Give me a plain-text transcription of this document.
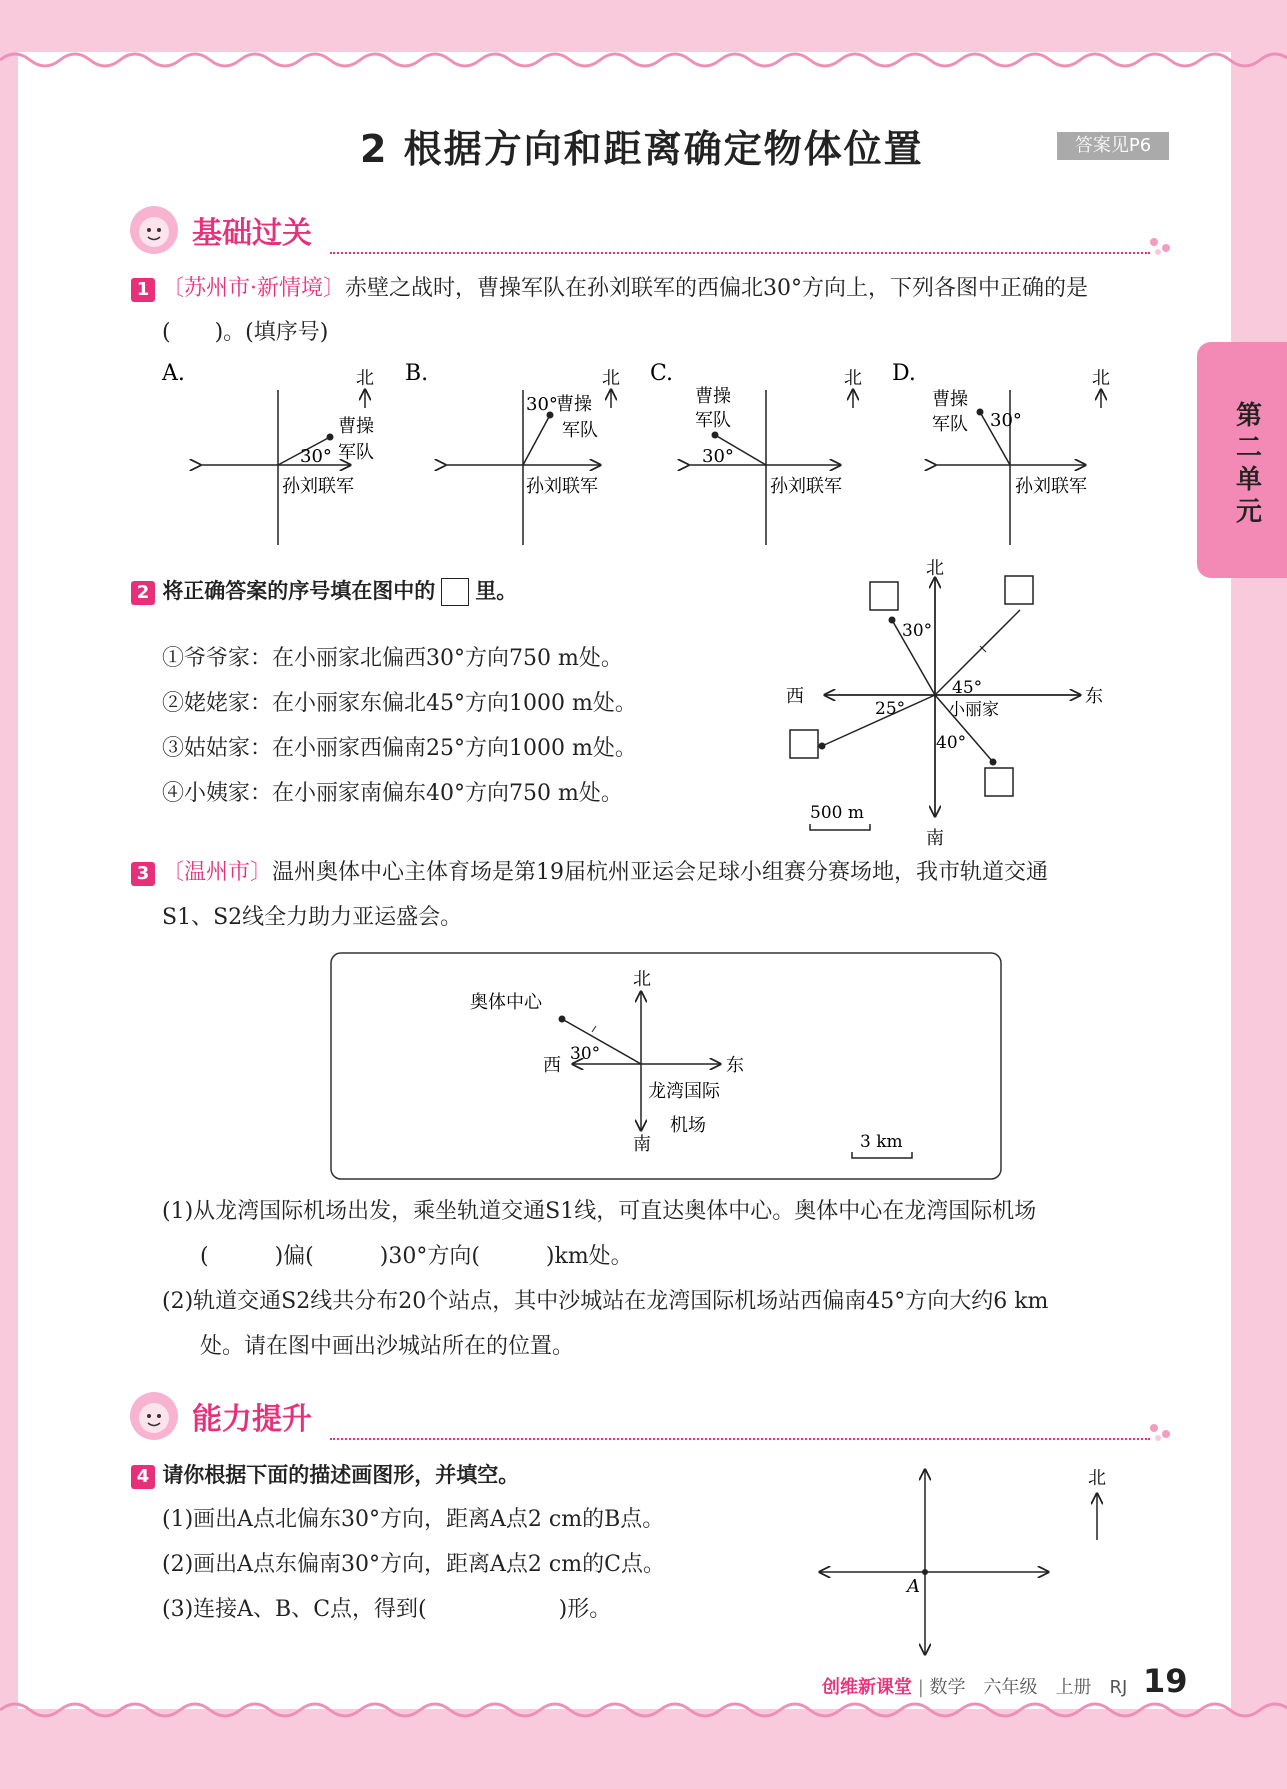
第二单元
2 根据方向和距离确定物体位置	答案见P6
基础过关
1 〔苏州市·新情境〕赤壁之战时，曹操军队在孙刘联军的西偏北30°方向上，下列各图中正确的是
(　　)。(填序号)
A.	北
曹操
军队
30°
孙刘联军
B.	北
30°
曹操
军队
孙刘联军
C.	北
曹操
军队
30°
孙刘联军
D.	北
曹操
军队 30°
孙刘联军
2 将正确答案的序号填在图中的 里。
①爷爷家：在小丽家北偏西30°方向750 m处。
②姥姥家：在小丽家东偏北45°方向1000 m处。
③姑姑家：在小丽家西偏南25°方向1000 m处。
④小姨家：在小丽家南偏东40°方向750 m处。
北
南
东
西
30°
45°
25°
40°
小丽家
500 m
3 〔温州市〕温州奥体中心主体育场是第19届杭州亚运会足球小组赛分赛场地，我市轨道交通
S1、S2线全力助力亚运盛会。
北
南
东
西
奥体中心
30°
龙湾国际
机场
3 km
(1)从龙湾国际机场出发，乘坐轨道交通S1线，可直达奥体中心。奥体中心在龙湾国际机场
(　　　)偏(　　　)30°方向(　　　)km处。
(2)轨道交通S2线共分布20个站点，其中沙城站在龙湾国际机场站西偏南45°方向大约6 km
处。请在图中画出沙城站所在的位置。
能力提升
4 请你根据下面的描述画图形，并填空。
(1)画出A点北偏东30°方向，距离A点2 cm的B点。
(2)画出A点东偏南30°方向，距离A点2 cm的C点。
(3)连接A、B、C点，得到(　　　　　　)形。
A
北
创维新课堂 | 数学　六年级　上册　RJ 19
